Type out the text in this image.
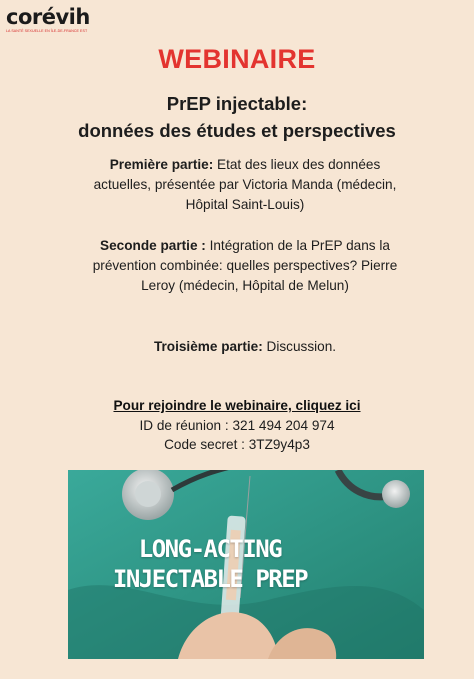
corévih
LA SANTÉ SEXUELLE EN ÎLE-DE-FRANCE EST
WEBINAIRE
PrEP injectable:
données des études et perspectives
Première partie: Etat des lieux des données actuelles, présentée par Victoria Manda (médecin, Hôpital Saint-Louis)
Seconde partie : Intégration de la PrEP dans la prévention combinée: quelles perspectives? Pierre Leroy (médecin, Hôpital de Melun)
Troisième partie: Discussion.
Pour rejoindre le webinaire, cliquez ici
ID de réunion : 321 494 204 974
Code secret : 3TZ9y4p3
LONG-ACTING
INJECTABLE PREP
